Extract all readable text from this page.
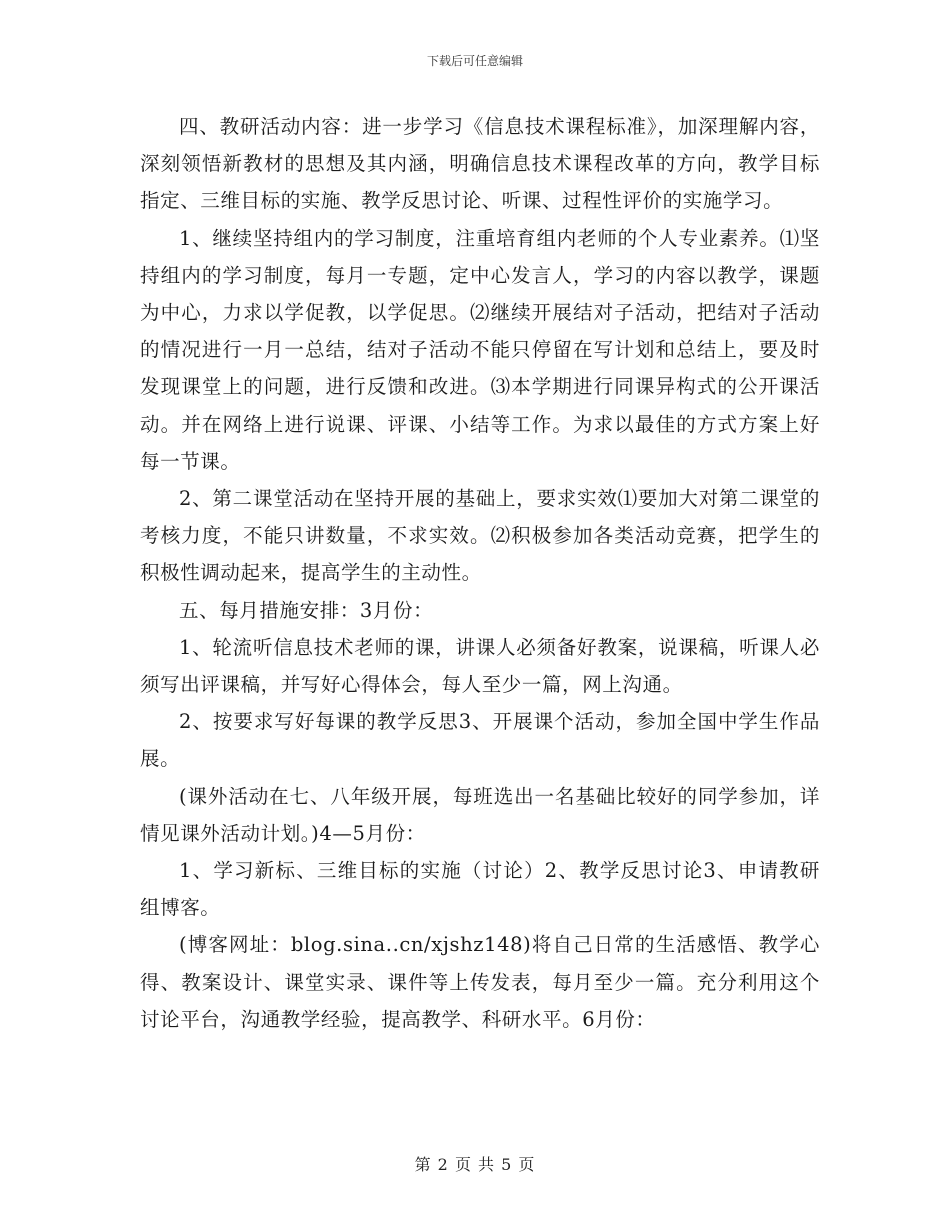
下载后可任意编辑

四、教研活动内容：进一步学习《信息技术课程标准》，加深理解内容，深刻领悟新教材的思想及其内涵，明确信息技术课程改革的方向，教学目标指定、三维目标的实施、教学反思讨论、听课、过程性评价的实施学习。

1、继续坚持组内的学习制度，注重培育组内老师的个人专业素养。⑴坚持组内的学习制度，每月一专题，定中心发言人，学习的内容以教学，课题为中心，力求以学促教，以学促思。⑵继续开展结对子活动，把结对子活动的情况进行一月一总结，结对子活动不能只停留在写计划和总结上，要及时发现课堂上的问题，进行反馈和改进。⑶本学期进行同课异构式的公开课活动。并在网络上进行说课、评课、小结等工作。为求以最佳的方式方案上好每一节课。

2、第二课堂活动在坚持开展的基础上，要求实效⑴要加大对第二课堂的考核力度，不能只讲数量，不求实效。⑵积极参加各类活动竞赛，把学生的积极性调动起来，提高学生的主动性。

五、每月措施安排：3月份：

1、轮流听信息技术老师的课，讲课人必须备好教案，说课稿，听课人必须写出评课稿，并写好心得体会，每人至少一篇，网上沟通。

2、按要求写好每课的教学反思3、开展课个活动，参加全国中学生作品展。

(课外活动在七、八年级开展，每班选出一名基础比较好的同学参加，详情见课外活动计划。)4—5月份：

1、学习新标、三维目标的实施（讨论）2、教学反思讨论3、申请教研组博客。

(博客网址：blog.sina..cn/xjshz148)将自己日常的生活感悟、教学心得、教案设计、课堂实录、课件等上传发表，每月至少一篇。充分利用这个讨论平台，沟通教学经验，提高教学、科研水平。6月份：

第 2 页 共 5 页
